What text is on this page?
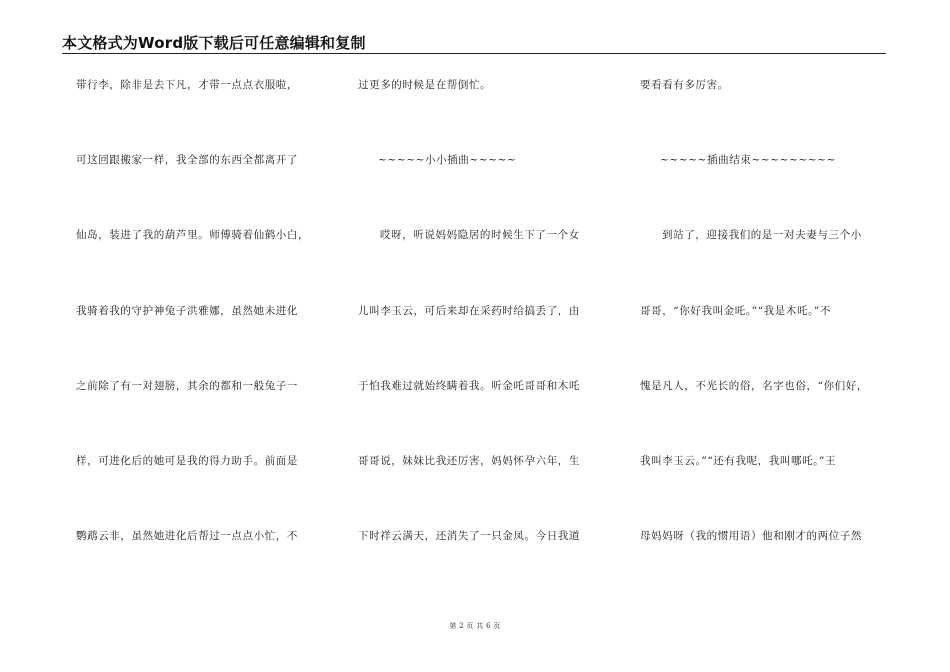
本文格式为Word版下载后可任意编辑和复制
带行李，除非是去下凡，才带一点点衣服啦，
可这回跟搬家一样，我全部的东西全都离开了
仙岛，装进了我的葫芦里。师傅骑着仙鹤小白，
我骑着我的守护神兔子洪雅娜，虽然她未进化
之前除了有一对翅膀，其余的都和一般兔子一
样，可进化后的她可是我的得力助手。前面是
鹦鹉云非，虽然她进化后帮过一点点小忙，不
过更多的时候是在帮倒忙。
~~~~~小小插曲~~~~~
哎呀，听说妈妈隐居的时候生下了一个女
儿叫李玉云，可后来却在采药时给搞丢了，由
于怕我难过就始终瞒着我。听金吒哥哥和木吒
哥哥说，妹妹比我还厉害，妈妈怀孕六年，生
下时祥云满天，还消失了一只金凤。今日我道
要看看有多厉害。
~~~~~插曲结束~~~~~~~~~
到站了，迎接我们的是一对夫妻与三个小
哥哥，“你好我叫金吒。”“我是木吒。”不
愧是凡人，不光长的俗，名字也俗，“你们好，
我叫李玉云。”“还有我呢，我叫哪吒。”王
母妈妈呀（我的惯用语）他和刚才的两位子然
第 2 页 共 6 页
